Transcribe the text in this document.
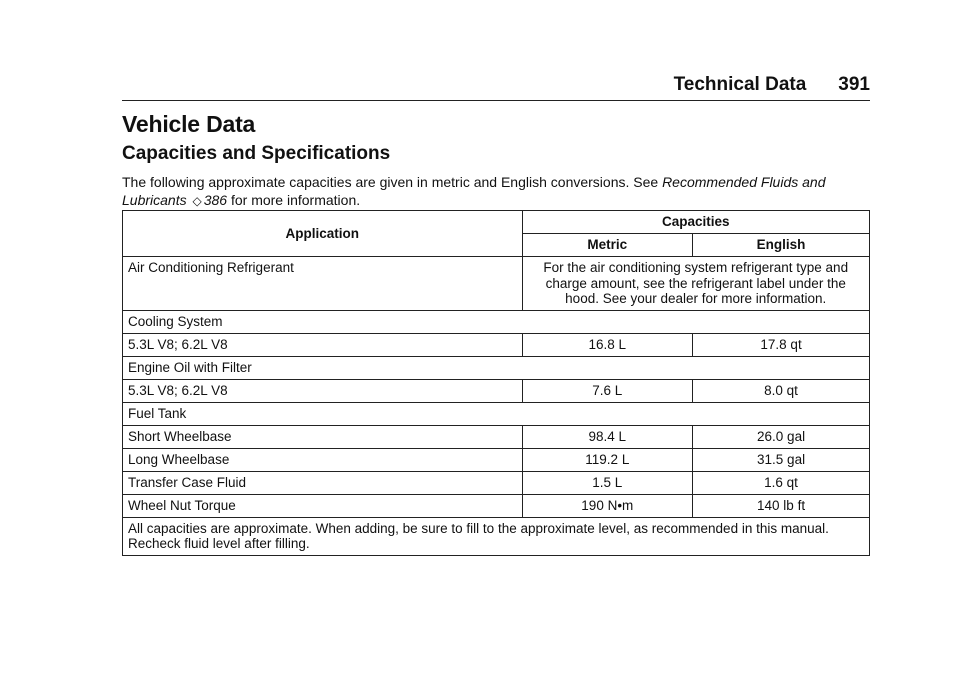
Technical Data 391
Vehicle Data
Capacities and Specifications

The following approximate capacities are given in metric and English conversions. See Recommended Fluids and Lubricants ◇ 386 for more information.

Application	Capacities	
	Metric	English
Air Conditioning Refrigerant	For the air conditioning system refrigerant type and charge amount, see the refrigerant label under the hood. See your dealer for more information.	
Cooling System		
5.3L V8; 6.2L V8	16.8 L	17.8 qt
Engine Oil with Filter		
5.3L V8; 6.2L V8	7.6 L	8.0 qt
Fuel Tank		
Short Wheelbase	98.4 L	26.0 gal
Long Wheelbase	119.2 L	31.5 gal
Transfer Case Fluid	1.5 L	1.6 qt
Wheel Nut Torque	190 N•m	140 lb ft
All capacities are approximate. When adding, be sure to fill to the approximate level, as recommended in this manual. Recheck fluid level after filling.		
